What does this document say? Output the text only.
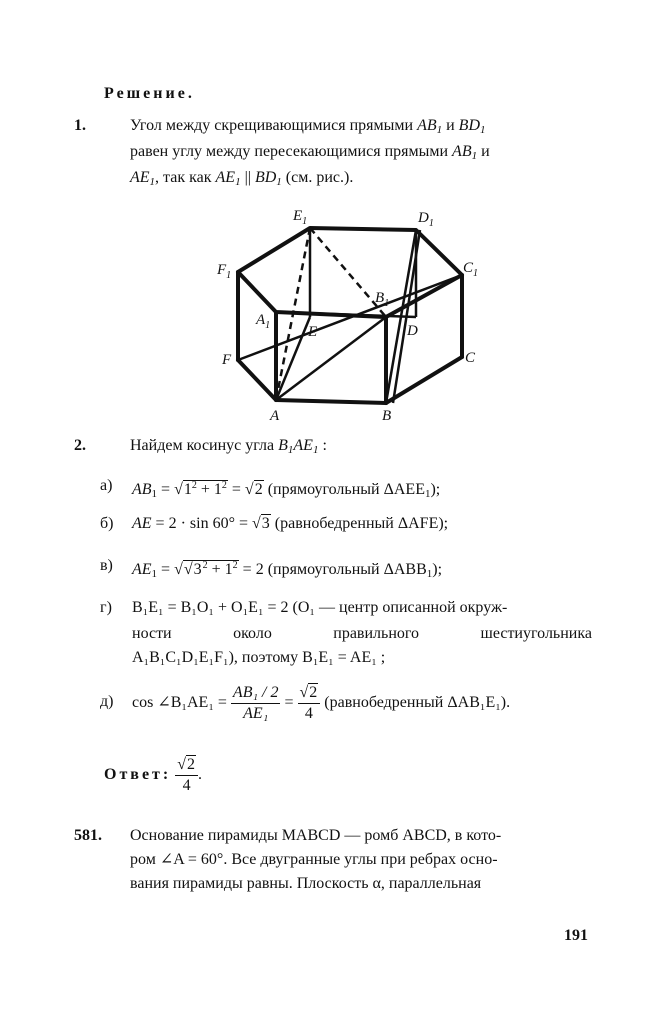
Решение.
1.	Угол между скрещивающимися прямыми $AB_1$ и $BD_1$
равен углу между пересекающимися прямыми $AB_1$ и
$AE_1$, так как $AE_1$ || $BD_1$ (см. рис.).
$E_1$	$D_1$
$F_1$	$C_1$
$B_1$
$A_1$	E	D
F	C
A	B
2.	Найдем косинус угла $B_1AE_1$ :
а) $AB_1 = √1^2 + 1^2 = √2$ (прямоугольный $\Delta AEE_1$);
б) AE = 2 · sin 60° = √3 (равнобедренный ΔAFE);
в) $AE_1 = √√3^2 + 1^2 = 2$ (прямоугольный $\Delta ABB_1$);
г) B₁E₁ = B₁O₁ + O₁E₁ = 2 (O₁ — центр описанной окруж-
ности	около	правильного	шестиугольника
A₁B₁C₁D₁E₁F₁), поэтому B₁E₁ = AE₁ ;
д) cos ∠B₁AE₁ =
$\frac{\text{AB₁ / 2}}{\text{AE₁}}$
=
$\frac{√2}{4}$
(равнобедренный ΔAB₁E₁).
Ответ:
$\frac{√2}{4}$ .
581. Основание пирамиды MABCD — ромб ABCD, в кото-
ром ∠A = 60°. Все двугранные углы при ребрах осно-
вания пирамиды равны. Плоскость α, параллельная
191
